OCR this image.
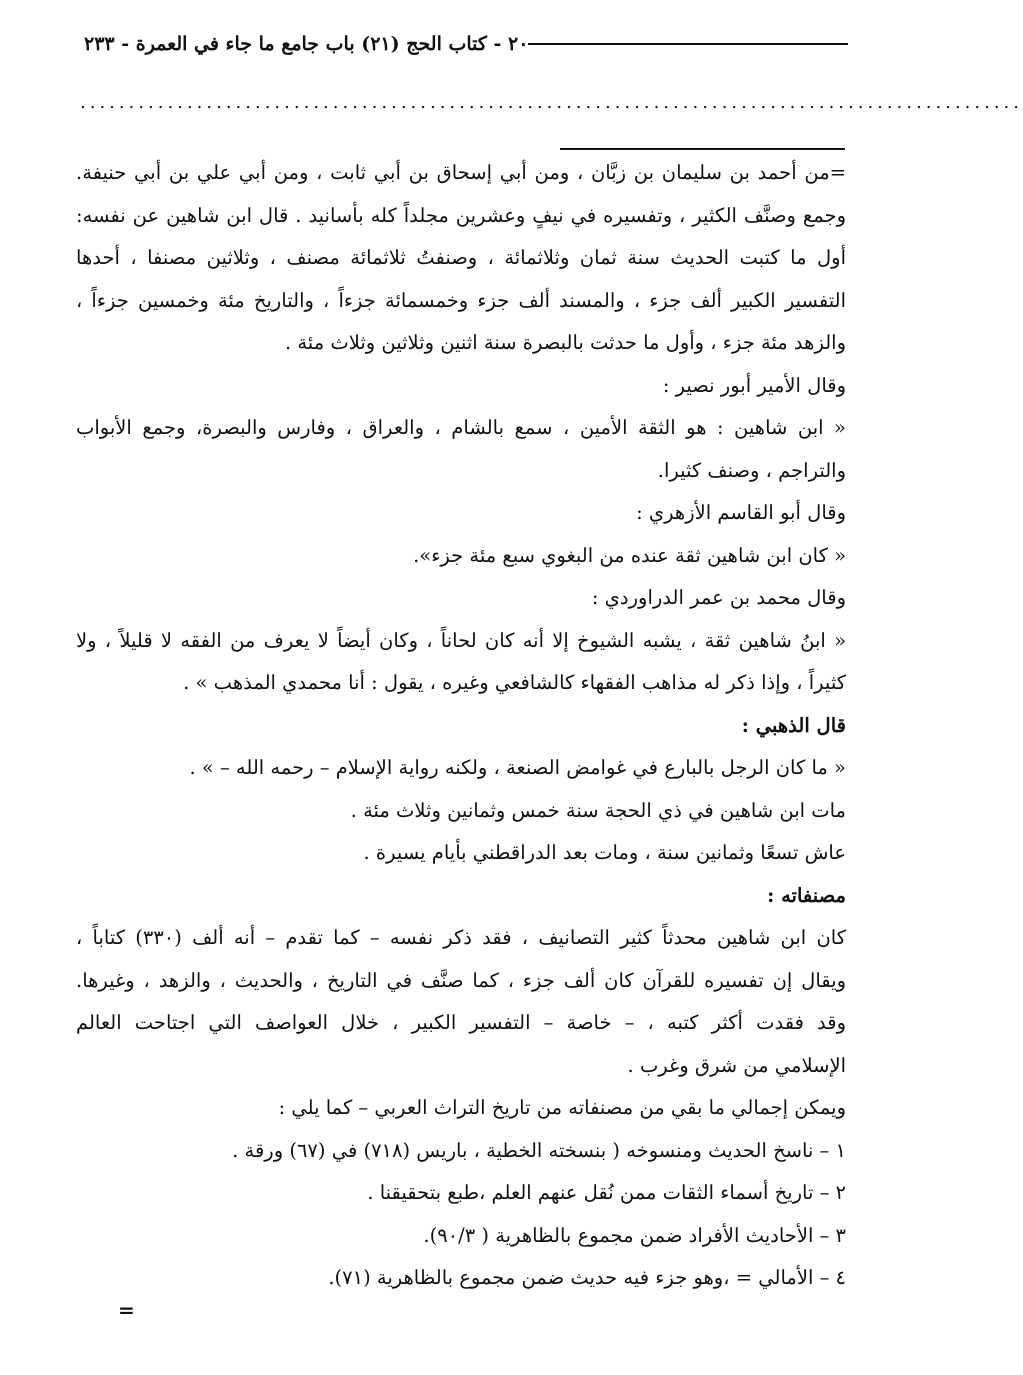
٢٠ - كتاب الحج (٢١) باب جامع ما جاء في العمرة - ٢٣٣
.................................................................................................
=من أحمد بن سليمان بن زبَّان ، ومن أبي إسحاق بن أبي ثابت ، ومن أبي علي بن أبي حنيفة.
وجمع وصنَّف الكثير ، وتفسيره في نيفٍ وعشرين مجلداً كله بأسانيد . قال ابن شاهين عن نفسه:
أول ما كتبت الحديث سنة ثمان وثلاثمائة ، وصنفتُ ثلاثمائة مصنف ، وثلاثين مصنفا ، أحدها
التفسير الكبير ألف جزء ، والمسند ألف جزء وخمسمائة جزءاً ، والتاريخ مئة وخمسين جزءاً ،
والزهد مئة جزء ، وأول ما حدثت بالبصرة سنة اثنين وثلاثين وثلاث مئة .
وقال الأمير أبور نصير :
« ابن شاهين : هو الثقة الأمين ، سمع بالشام ، والعراق ، وفارس والبصرة، وجمع الأبواب
والتراجم ، وصنف كثيرا.
وقال أبو القاسم الأزهري :
« كان ابن شاهين ثقة عنده من البغوي سبع مئة جزء».
وقال محمد بن عمر الدراوردي :
« ابنُ شاهين ثقة ، يشبه الشيوخ إلا أنه كان لحاناً ، وكان أيضاً لا يعرف من الفقه لا قليلاً ، ولا
كثيراً ، وإذا ذكر له مذاهب الفقهاء كالشافعي وغيره ، يقول : أنا محمدي المذهب » .
قال الذهبي :
« ما كان الرجل بالبارع في غوامض الصنعة ، ولكنه رواية الإسلام – رحمه الله – » .
مات ابن شاهين في ذي الحجة سنة خمس وثمانين وثلاث مئة .
عاش تسعًا وثمانين سنة ، ومات بعد الدراقطني بأيام يسيرة .
مصنفاته :
كان ابن شاهين محدثاً كثير التصانيف ، فقد ذكر نفسه – كما تقدم – أنه ألف (٣٣٠) كتاباً ،
ويقال إن تفسيره للقرآن كان ألف جزء ، كما صنَّف في التاريخ ، والحديث ، والزهد ، وغيرها.
وقد فقدت أكثر كتبه ، – خاصة – التفسير الكبير ، خلال العواصف التي اجتاحت العالم
الإسلامي من شرق وغرب .
ويمكن إجمالي ما بقي من مصنفاته من تاريخ التراث العربي – كما يلي :
١ – ناسخ الحديث ومنسوخه ( بنسخته الخطية ، باريس (٧١٨) في (٦٧) ورقة .
٢ – تاريخ أسماء الثقات ممن نُقل عنهم العلم ،طبع بتحقيقنا .
٣ – الأحاديث الأفراد ضمن مجموع بالظاهرية ( ٩٠/٣).
٤ – الأمالي = ،وهو جزء فيه حديث ضمن مجموع بالظاهرية (٧١).
=
